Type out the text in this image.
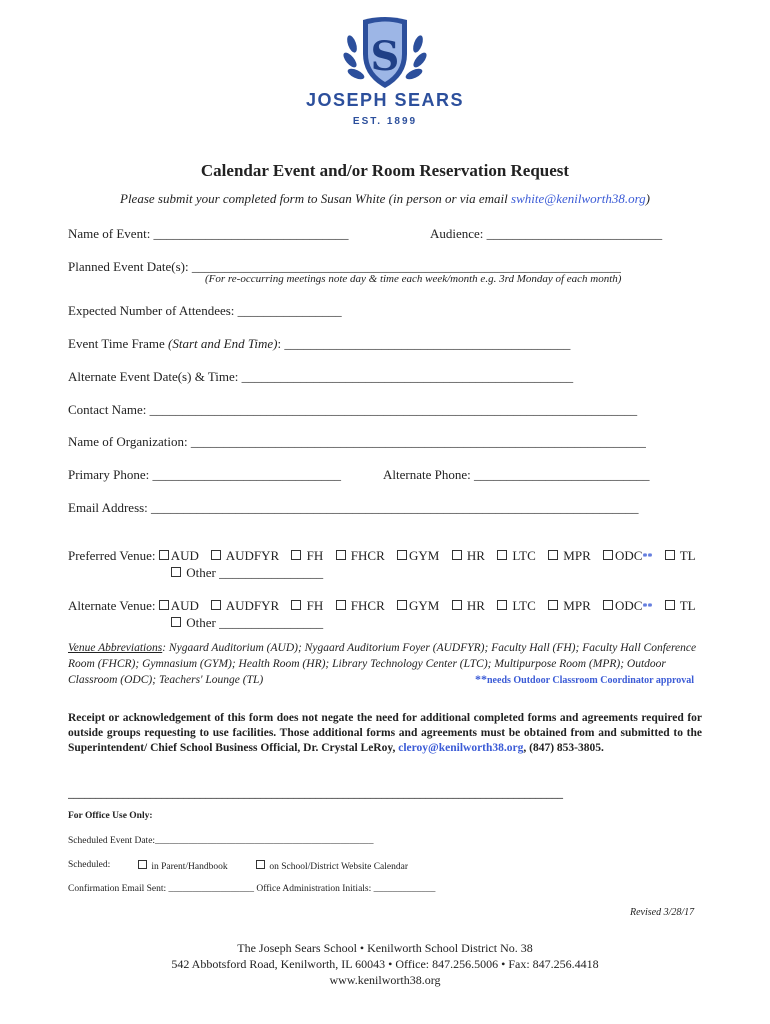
S
JOSEPH SEARS
EST. 1899
Calendar Event and/or Room Reservation Request
Please submit your completed form to Susan White (in person or via email swhite@kenilworth38.org)
Name of Event: ______________________________	Audience: ___________________________
Planned Event Date(s): __________________________________________________________________
(For re-occurring meetings note day & time each week/month e.g. 3rd Monday of each month)
Expected Number of Attendees: ________________
Event Time Frame (Start and End Time): ____________________________________________
Alternate Event Date(s) & Time: ___________________________________________________
Contact Name: ___________________________________________________________________________
Name of Organization: ______________________________________________________________________
Primary Phone: _____________________________	Alternate Phone: ___________________________
Email Address: ___________________________________________________________________________
Preferred Venue: AUD AUDFYR FH FHCR GYM HR LTC MPR ODC** TL
Other ________________
Alternate Venue: AUD AUDFYR FH FHCR GYM HR LTC MPR ODC** TL
Other ________________
Venue Abbreviations: Nygaard Auditorium (AUD); Nygaard Auditorium Foyer (AUDFYR); Faculty Hall (FH); Faculty Hall Conference Room (FHCR); Gymnasium (GYM); Health Room (HR); Library Technology Center (LTC); Multipurpose Room (MPR); Outdoor Classroom (ODC); Teachers' Lounge (TL)	**needs Outdoor Classroom Coordinator approval
Receipt or acknowledgement of this form does not negate the need for additional completed forms and agreements required for outside groups requesting to use facilities. Those additional forms and agreements must be obtained from and submitted to the Superintendent/ Chief School Business Official, Dr. Crystal LeRoy, cleroy@kenilworth38.org, (847) 853-3805.
__________________________________________________________________________________________
For Office Use Only:
Scheduled Event Date:______________________________________________
Scheduled:	in Parent/Handbook	on School/District Website Calendar
Confirmation Email Sent: __________________ Office Administration Initials: _____________
Revised 3/28/17
The Joseph Sears School • Kenilworth School District No. 38
542 Abbotsford Road, Kenilworth, IL 60043 • Office: 847.256.5006 • Fax: 847.256.4418
www.kenilworth38.org
